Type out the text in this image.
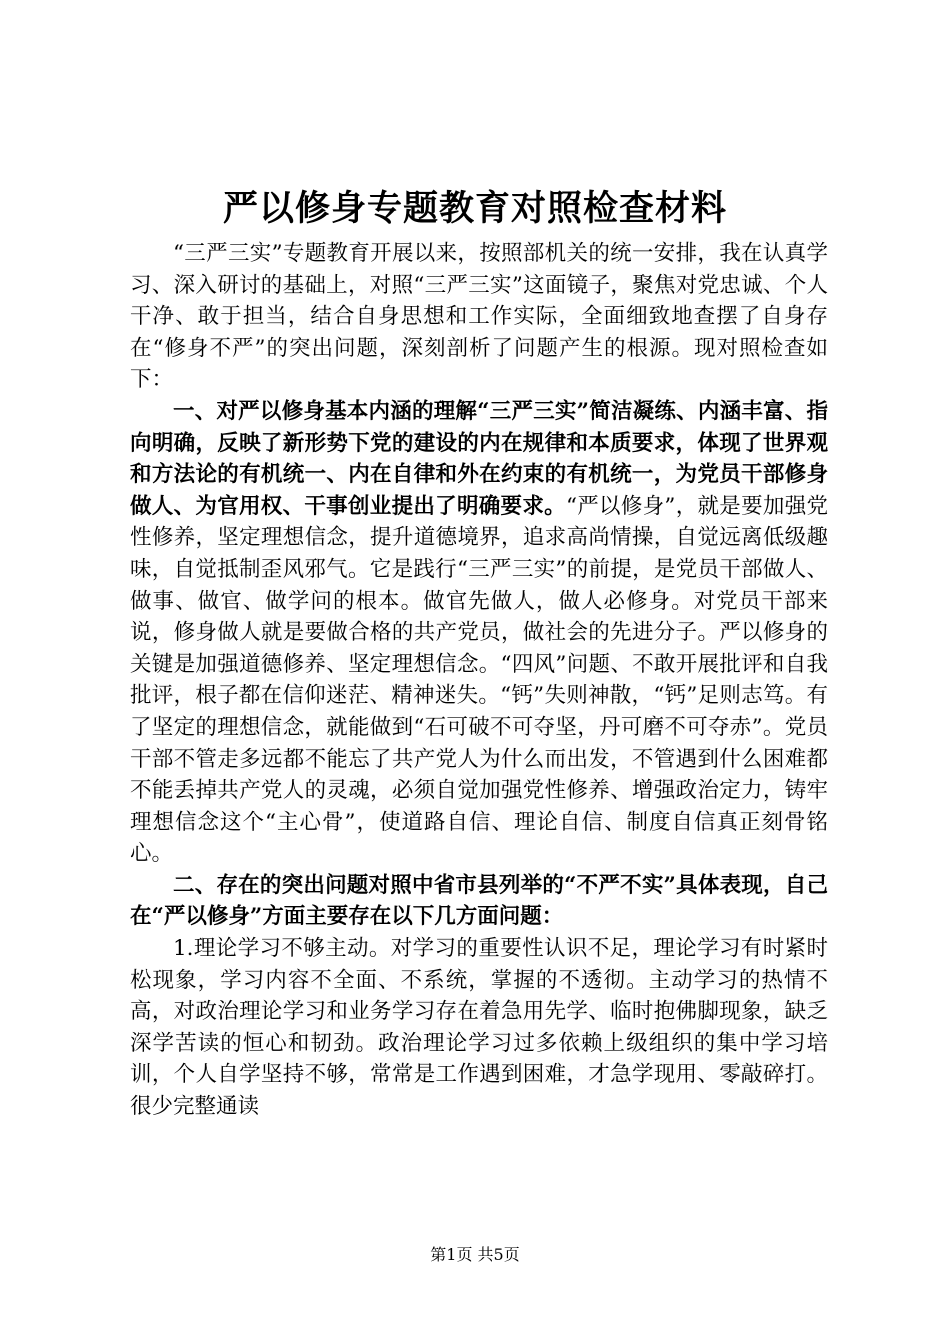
严以修身专题教育对照检查材料

“三严三实”专题教育开展以来，按照部机关的统一安排，我在认真学习、深入研讨的基础上，对照“三严三实”这面镜子，聚焦对党忠诚、个人干净、敢于担当，结合自身思想和工作实际，全面细致地查摆了自身存在“修身不严”的突出问题，深刻剖析了问题产生的根源。现对照检查如下：

一、对严以修身基本内涵的理解“三严三实”简洁凝练、内涵丰富、指向明确，反映了新形势下党的建设的内在规律和本质要求，体现了世界观和方法论的有机统一、内在自律和外在约束的有机统一，为党员干部修身做人、为官用权、干事创业提出了明确要求。“严以修身”，就是要加强党性修养，坚定理想信念，提升道德境界，追求高尚情操，自觉远离低级趣味，自觉抵制歪风邪气。它是践行“三严三实”的前提，是党员干部做人、做事、做官、做学问的根本。做官先做人，做人必修身。对党员干部来说，修身做人就是要做合格的共产党员，做社会的先进分子。严以修身的关键是加强道德修养、坚定理想信念。“四风”问题、不敢开展批评和自我批评，根子都在信仰迷茫、精神迷失。“钙”失则神散，“钙”足则志笃。有了坚定的理想信念，就能做到“石可破不可夺坚，丹可磨不可夺赤”。党员干部不管走多远都不能忘了共产党人为什么而出发，不管遇到什么困难都不能丢掉共产党人的灵魂，必须自觉加强党性修养、增强政治定力，铸牢理想信念这个“主心骨”，使道路自信、理论自信、制度自信真正刻骨铭心。

二、存在的突出问题对照中省市县列举的“不严不实”具体表现，自己在“严以修身”方面主要存在以下几方面问题：

1.理论学习不够主动。对学习的重要性认识不足，理论学习有时紧时松现象，学习内容不全面、不系统，掌握的不透彻。主动学习的热情不高，对政治理论学习和业务学习存在着急用先学、临时抱佛脚现象，缺乏深学苦读的恒心和韧劲。政治理论学习过多依赖上级组织的集中学习培训，个人自学坚持不够，常常是工作遇到困难，才急学现用、零敲碎打。很少完整通读

第1页 共5页
